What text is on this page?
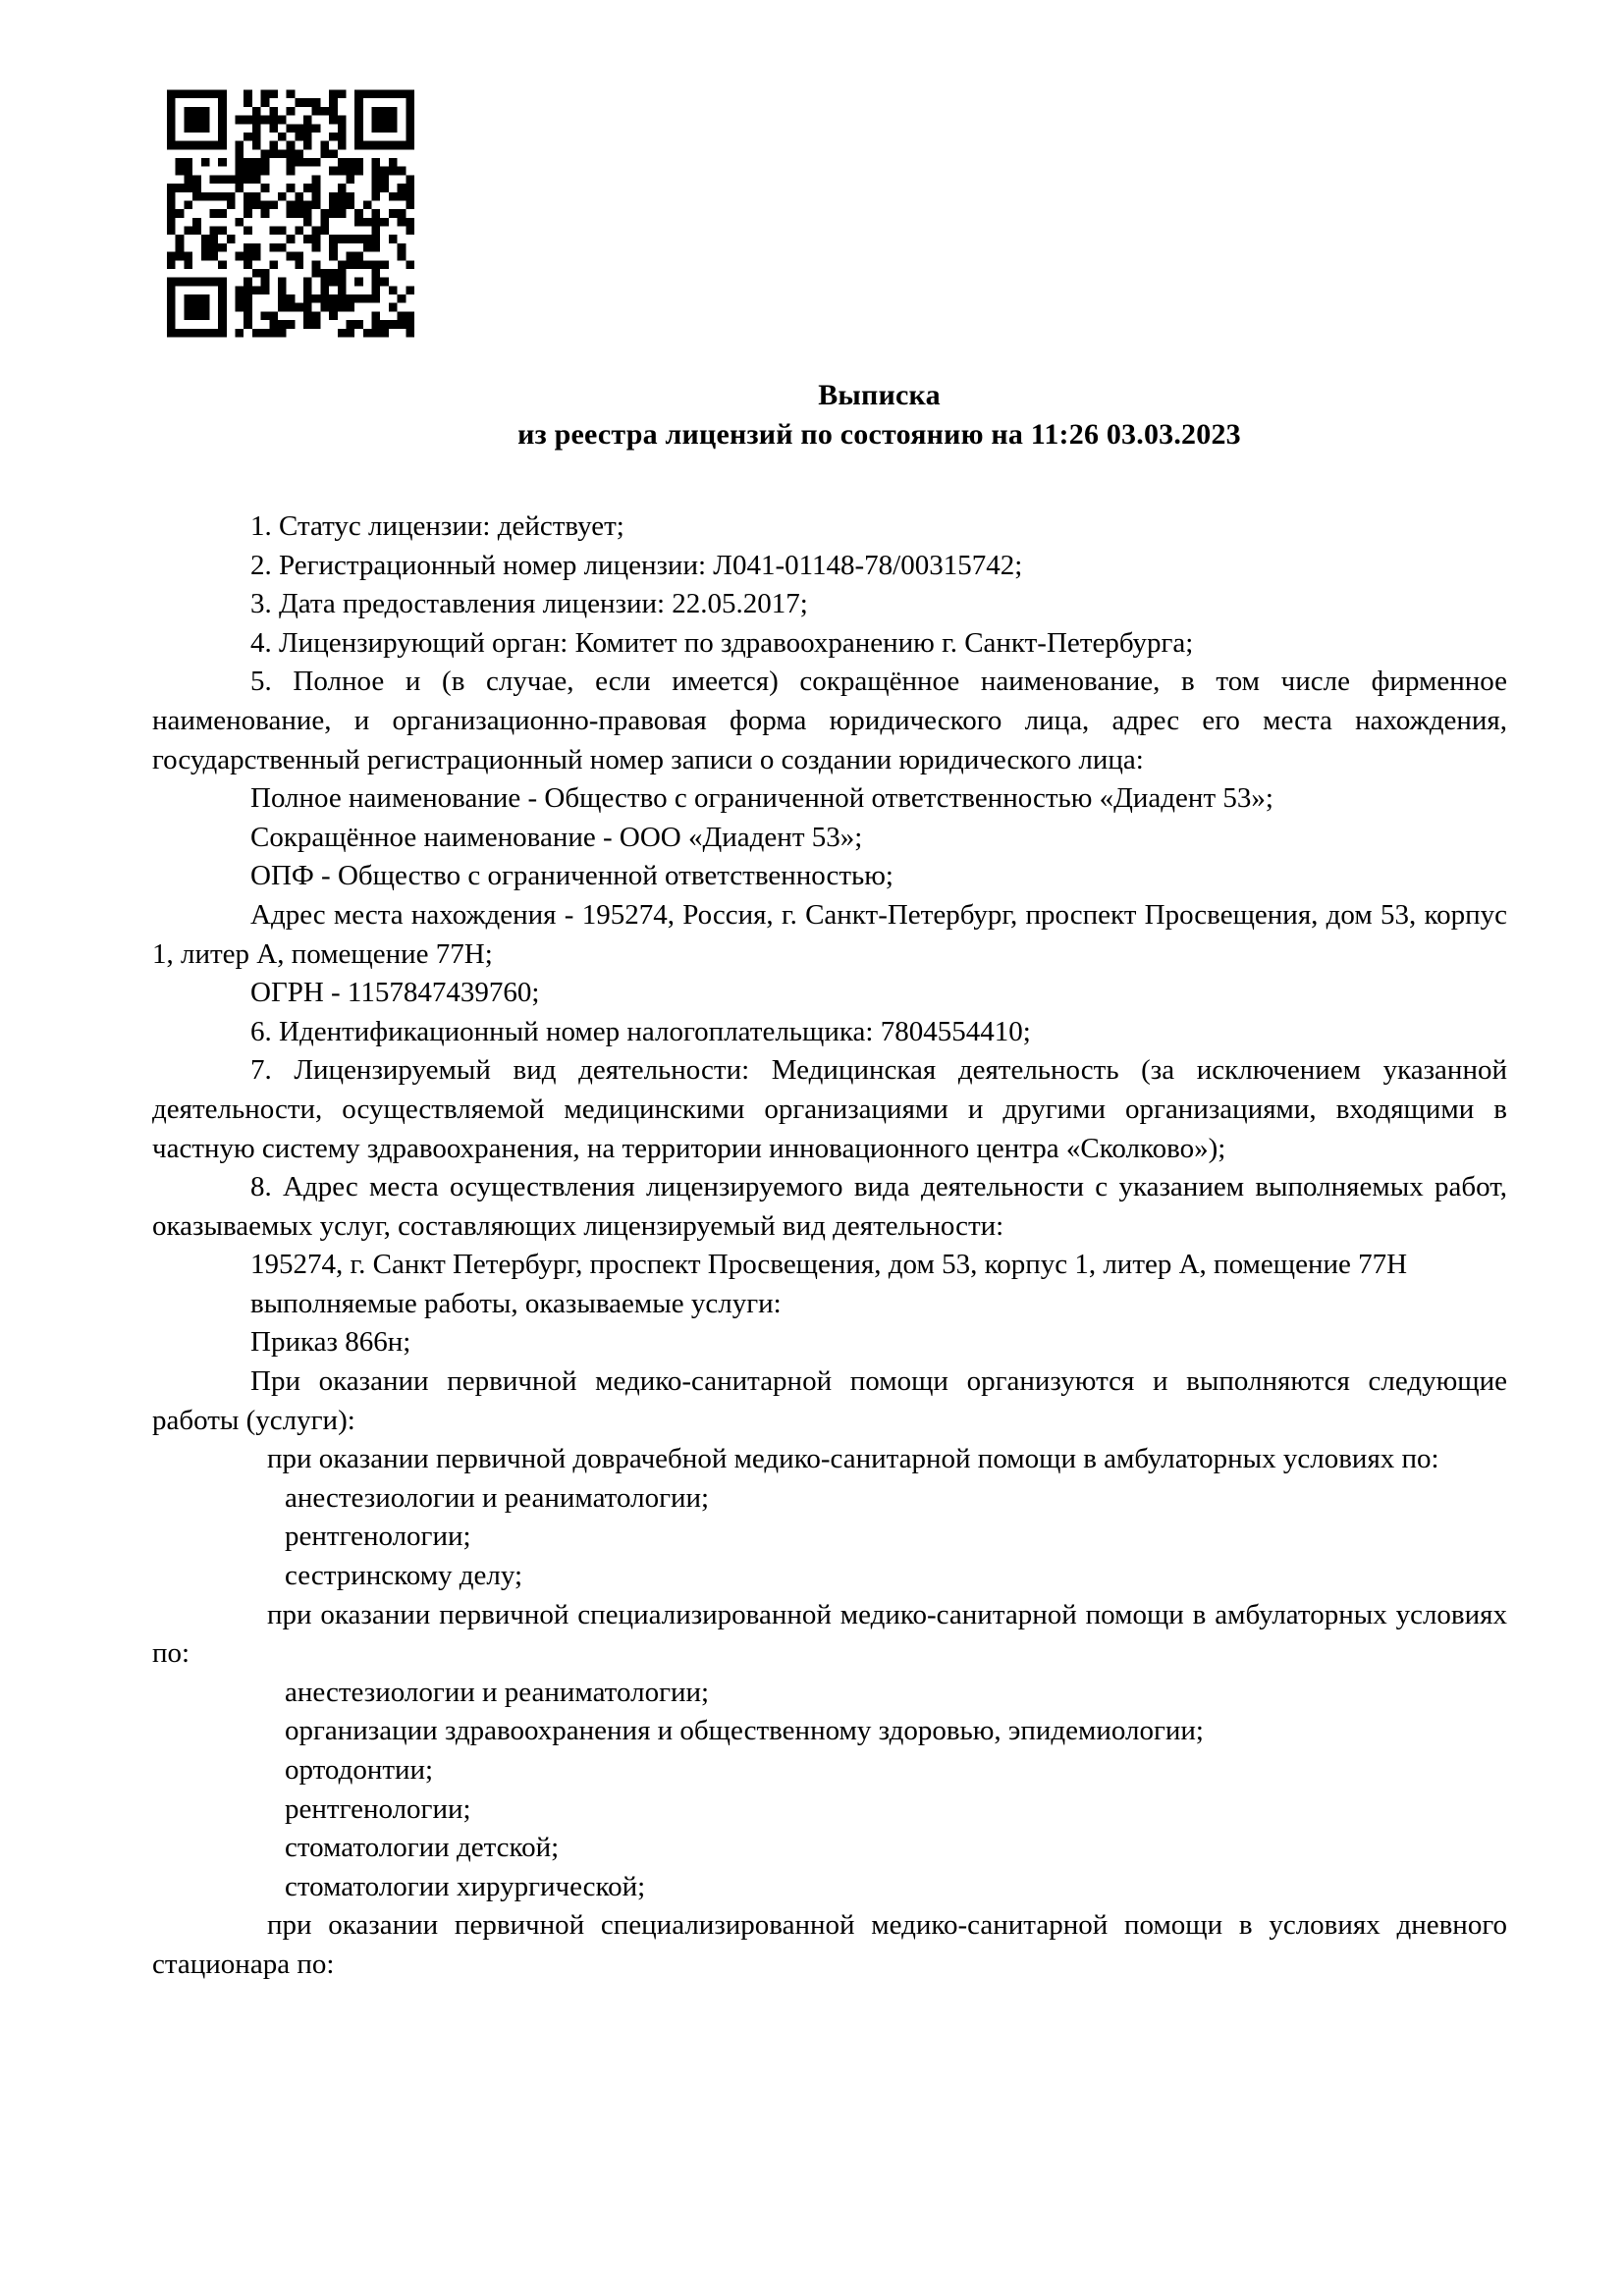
Выписка
из реестра лицензий по состоянию на 11:26 03.03.2023

1. Статус лицензии: действует;

2. Регистрационный номер лицензии: Л041-01148-78/00315742;

3. Дата предоставления лицензии: 22.05.2017;

4. Лицензирующий орган: Комитет по здравоохранению г. Санкт-Петербурга;

5. Полное и (в случае, если имеется) сокращённое наименование, в том числе фирменное наименование, и организационно-правовая форма юридического лица, адрес его места нахождения, государственный регистрационный номер записи о создании юридического лица:

Полное наименование - Общество с ограниченной ответственностью «Диадент 53»;

Сокращённое наименование - ООО «Диадент 53»;

ОПФ - Общество с ограниченной ответственностью;

Адрес места нахождения - 195274, Россия, г. Санкт-Петербург, проспект Просвещения, дом 53, корпус 1, литер А, помещение 77Н;

ОГРН - 1157847439760;

6. Идентификационный номер налогоплательщика: 7804554410;

7. Лицензируемый вид деятельности: Медицинская деятельность (за исключением указанной деятельности, осуществляемой медицинскими организациями и другими организациями, входящими в частную систему здравоохранения, на территории инновационного центра «Сколково»);

8. Адрес места осуществления лицензируемого вида деятельности с указанием выполняемых работ, оказываемых услуг, составляющих лицензируемый вид деятельности:

195274, г. Санкт Петербург, проспект Просвещения, дом 53, корпус 1, литер А, помещение 77Н

выполняемые работы, оказываемые услуги:

Приказ 866н;

При оказании первичной медико-санитарной помощи организуются и выполняются следующие работы (услуги):

при оказании первичной доврачебной медико-санитарной помощи в амбулаторных условиях по:

анестезиологии и реаниматологии;

рентгенологии;

сестринскому делу;

при оказании первичной специализированной медико-санитарной помощи в амбулаторных условиях по:

анестезиологии и реаниматологии;

организации здравоохранения и общественному здоровью, эпидемиологии;

ортодонтии;

рентгенологии;

стоматологии детской;

стоматологии хирургической;

при оказании первичной специализированной медико-санитарной помощи в условиях дневного стационара по:
